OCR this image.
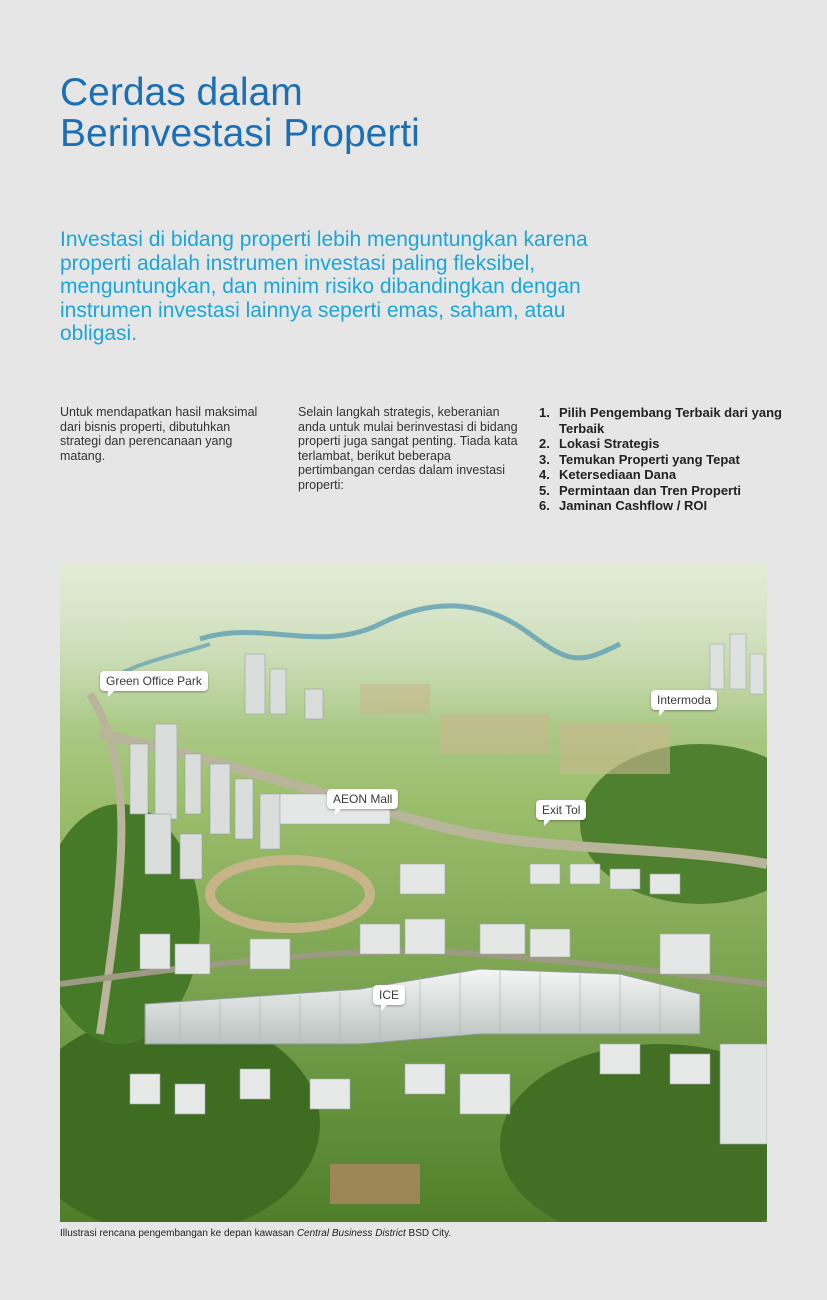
Cerdas dalam
Berinvestasi Properti

Investasi di bidang properti lebih menguntungkan karena properti adalah instrumen investasi paling fleksibel, menguntungkan, dan minim risiko dibandingkan dengan instrumen investasi lainnya seperti emas, saham, atau obligasi.

Untuk mendapatkan hasil maksimal dari bisnis properti, dibutuhkan strategi dan perencanaan yang matang.

Selain langkah strategis, keberanian anda untuk mulai berinvestasi di bidang properti juga sangat penting. Tiada kata terlambat, berikut beberapa pertimbangan cerdas dalam investasi properti:

1. Pilih Pengembang Terbaik dari yang Terbaik
2. Lokasi Strategis
3. Temukan Properti yang Tepat
4. Ketersediaan Dana
5. Permintaan dan Tren Properti
6. Jaminan Cashflow / ROI
Green Office Park
Intermoda
AEON Mall
Exit Tol
ICE

Illustrasi rencana pengembangan ke depan kawasan Central Business District BSD City.
